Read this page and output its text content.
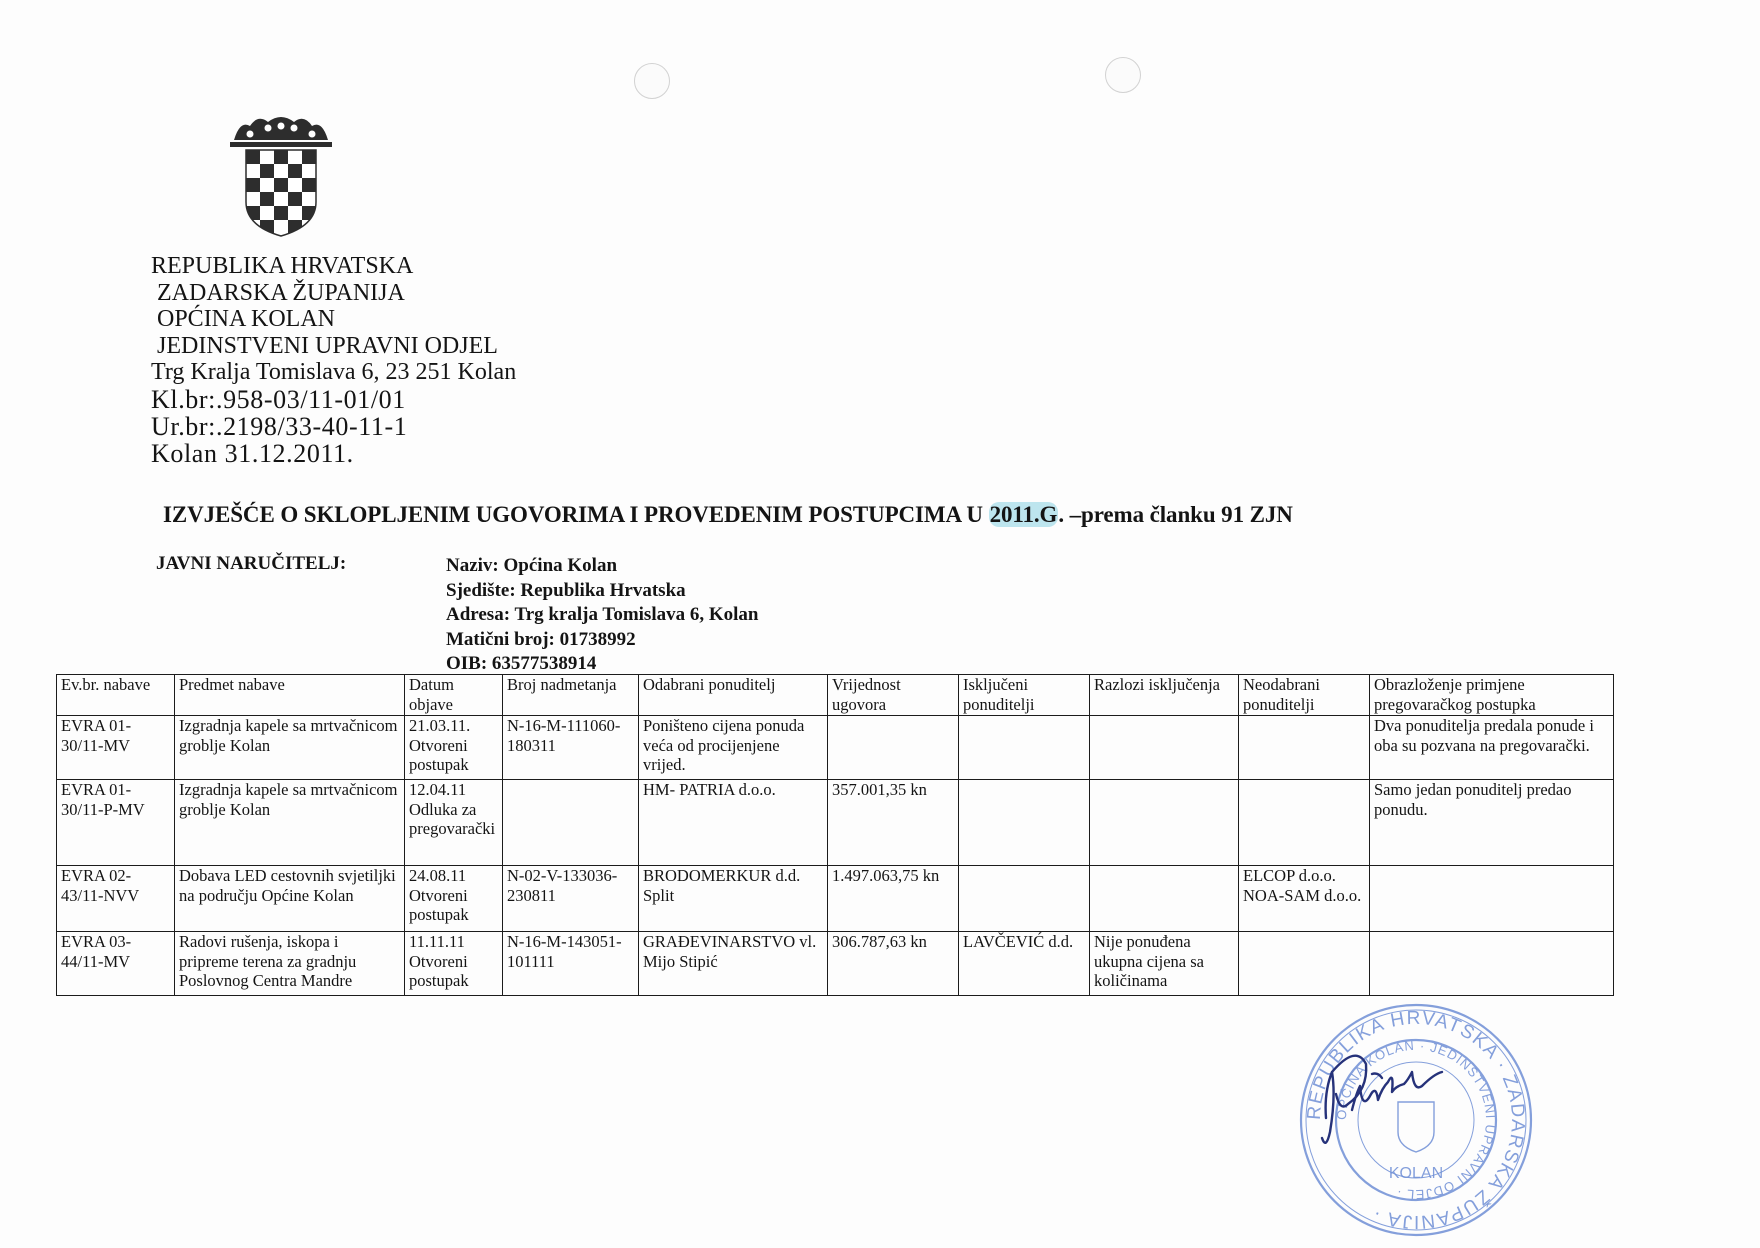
REPUBLIKA HRVATSKA
ZADARSKA ŽUPANIJA
OPĆINA KOLAN
JEDINSTVENI UPRAVNI ODJEL
Trg Kralja Tomislava 6, 23 251 Kolan
Kl.br:.958-03/11-01/01
Ur.br:.2198/33-40-11-1
Kolan 31.12.2011.
IZVJEŠĆE O SKLOPLJENIM UGOVORIMA I PROVEDENIM POSTUPCIMA U 2011.G. –prema članku 91 ZJN
JAVNI NARUČITELJ:	Naziv: Općina Kolan
Sjedište: Republika Hrvatska
Adresa: Trg kralja Tomislava 6, Kolan
Matični broj: 01738992
OIB: 63577538914
Ev.br. nabave	Predmet nabave	Datum objave	Broj nadmetanja	Odabrani ponuditelj	Vrijednost ugovora	Isključeni ponuditelji	Razlozi isključenja	Neodabrani ponuditelji	Obrazloženje primjene pregovaračkog postupka
EVRA 01-30/11-MV	Izgradnja kapele sa mrtvačnicom groblje Kolan	21.03.11. Otvoreni postupak	N-16-M-111060-180311	Poništeno cijena ponuda veća od procijenjene vrijed.					Dva ponuditelja predala ponude i oba su pozvana na pregovarački.
EVRA 01-30/11-P-MV	Izgradnja kapele sa mrtvačnicom groblje Kolan	12.04.11 Odluka za pregovarački		HM- PATRIA d.o.o.	357.001,35 kn				Samo jedan ponuditelj predao ponudu.
EVRA 02-43/11-NVV	Dobava LED cestovnih svjetiljki na području Općine Kolan	24.08.11 Otvoreni postupak	N-02-V-133036-230811	BRODOMERKUR d.d. Split	1.497.063,75 kn			ELCOP d.o.o. NOA-SAM d.o.o.	
EVRA 03-44/11-MV	Radovi rušenja, iskopa i pripreme terena za gradnju Poslovnog Centra Mandre	11.11.11 Otvoreni postupak	N-16-M-143051-101111	GRAĐEVINARSTVO vl. Mijo Stipić	306.787,63 kn	LAVČEVIĆ d.d.	Nije ponuđena ukupna cijena sa količinama		
REPUBLIKA HRVATSKA · ZADARSKA ŽUPANIJA ·
OPĆINA KOLAN · JEDINSTVENI UPRAVNI ODJEL ·
KOLAN
